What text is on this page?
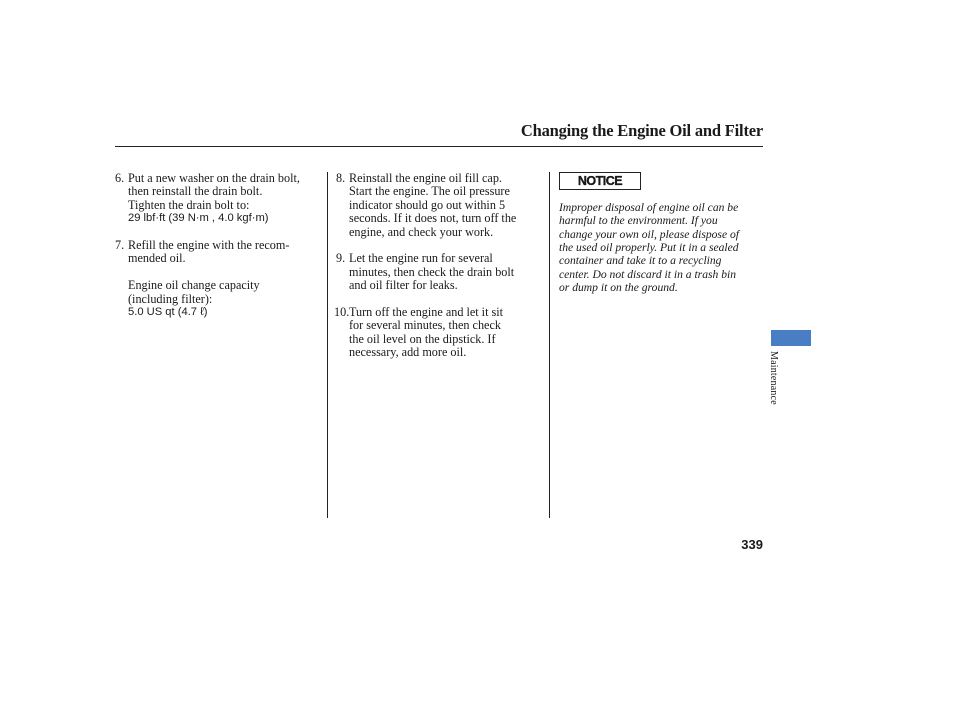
Changing the Engine Oil and Filter
6. Put a new washer on the drain bolt,
then reinstall the drain bolt.
Tighten the drain bolt to:
29 lbf·ft (39 N·m , 4.0 kgf·m)
7. Refill the engine with the recom-
mended oil.
Engine oil change capacity
(including filter):
5.0 US qt (4.7 ℓ)
8. Reinstall the engine oil fill cap.
Start the engine. The oil pressure
indicator should go out within 5
seconds. If it does not, turn off the
engine, and check your work.
9. Let the engine run for several
minutes, then check the drain bolt
and oil filter for leaks.
10. Turn off the engine and let it sit
for several minutes, then check
the oil level on the dipstick. If
necessary, add more oil.
NOTICE
Improper disposal of engine oil can be
harmful to the environment. If you
change your own oil, please dispose of
the used oil properly. Put it in a sealed
container and take it to a recycling
center. Do not discard it in a trash bin
or dump it on the ground.
Maintenance
339
